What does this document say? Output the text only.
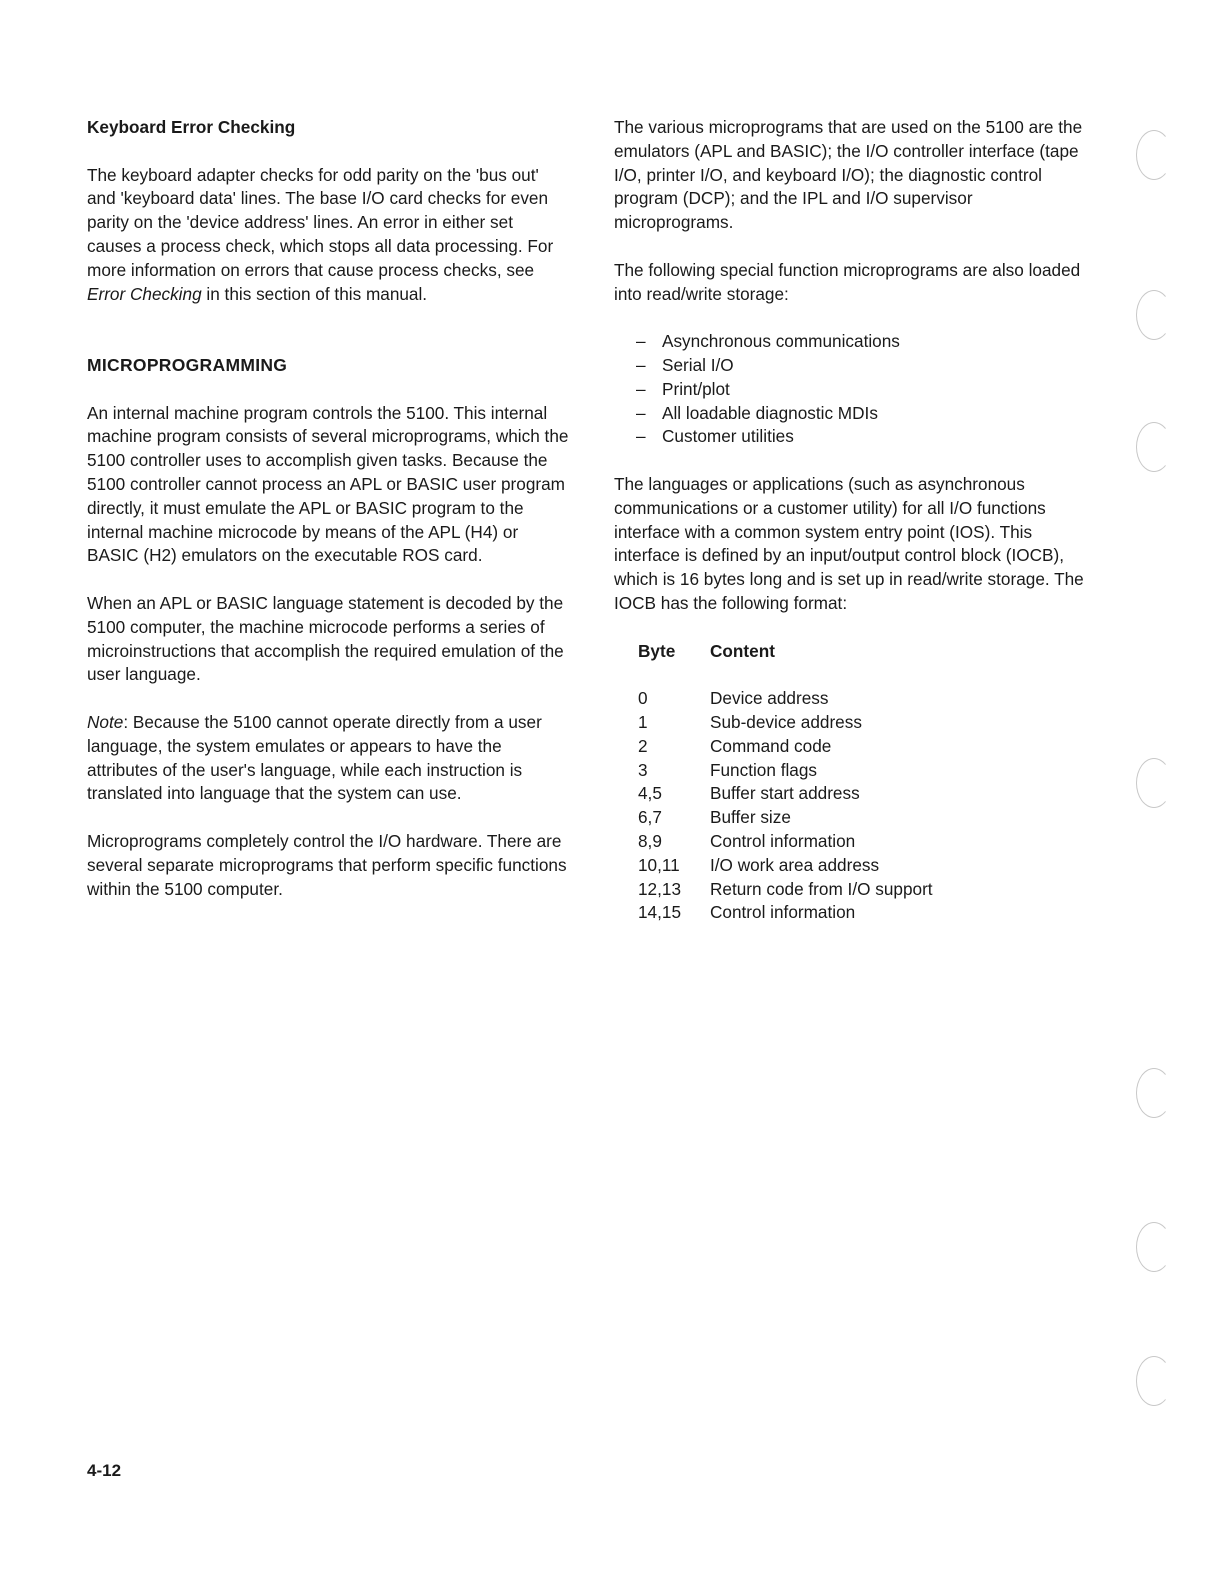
Keyboard Error Checking

The keyboard adapter checks for odd parity on the 'bus out' and 'keyboard data' lines. The base I/O card checks for even parity on the 'device address' lines. An error in either set causes a process check, which stops all data processing. For more information on errors that cause process checks, see Error Checking in this section of this manual.

MICROPROGRAMMING

An internal machine program controls the 5100. This internal machine program consists of several microprograms, which the 5100 controller uses to accomplish given tasks. Because the 5100 controller cannot process an APL or BASIC user program directly, it must emulate the APL or BASIC program to the internal machine microcode by means of the APL (H4) or BASIC (H2) emulators on the executable ROS card.

When an APL or BASIC language statement is decoded by the 5100 computer, the machine microcode performs a series of microinstructions that accomplish the required emulation of the user language.

Note: Because the 5100 cannot operate directly from a user language, the system emulates or appears to have the attributes of the user's language, while each instruction is translated into language that the system can use.

Microprograms completely control the I/O hardware. There are several separate microprograms that perform specific functions within the 5100 computer.

The various microprograms that are used on the 5100 are the emulators (APL and BASIC); the I/O controller interface (tape I/O, printer I/O, and keyboard I/O); the diagnostic control program (DCP); and the IPL and I/O supervisor microprograms.

The following special function microprograms are also loaded into read/write storage:

– Asynchronous communications
– Serial I/O
– Print/plot
– All loadable diagnostic MDIs
– Customer utilities

The languages or applications (such as asynchronous communications or a customer utility) for all I/O functions interface with a common system entry point (IOS). This interface is defined by an input/output control block (IOCB), which is 16 bytes long and is set up in read/write storage. The IOCB has the following format:

Byte	Content

0	Device address
1	Sub-device address
2	Command code
3	Function flags
4,5	Buffer start address
6,7	Buffer size
8,9	Control information
10,11	I/O work area address
12,13	Return code from I/O support
14,15	Control information
4-12
